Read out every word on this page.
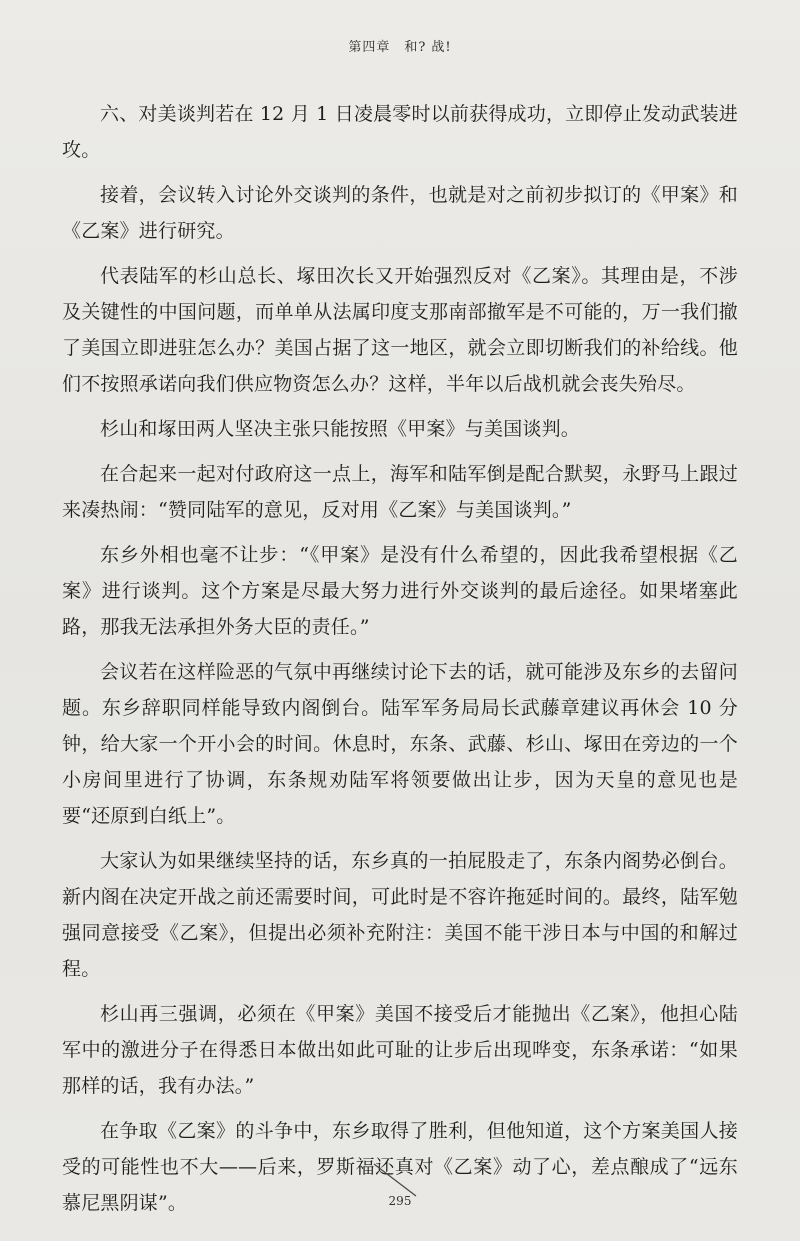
第四章　和? 战!

六、对美谈判若在 12 月 1 日凌晨零时以前获得成功，立即停止发动武装进攻。

接着，会议转入讨论外交谈判的条件，也就是对之前初步拟订的《甲案》和《乙案》进行研究。

代表陆军的杉山总长、塚田次长又开始强烈反对《乙案》。其理由是，不涉及关键性的中国问题，而单单从法属印度支那南部撤军是不可能的，万一我们撤了美国立即进驻怎么办？美国占据了这一地区，就会立即切断我们的补给线。他们不按照承诺向我们供应物资怎么办？这样，半年以后战机就会丧失殆尽。

杉山和塚田两人坚决主张只能按照《甲案》与美国谈判。

在合起来一起对付政府这一点上，海军和陆军倒是配合默契，永野马上跟过来凑热闹：“赞同陆军的意见，反对用《乙案》与美国谈判。”

东乡外相也毫不让步：“《甲案》是没有什么希望的，因此我希望根据《乙案》进行谈判。这个方案是尽最大努力进行外交谈判的最后途径。如果堵塞此路，那我无法承担外务大臣的责任。”

会议若在这样险恶的气氛中再继续讨论下去的话，就可能涉及东乡的去留问题。东乡辞职同样能导致内阁倒台。陆军军务局局长武藤章建议再休会 10 分钟，给大家一个开小会的时间。休息时，东条、武藤、杉山、塚田在旁边的一个小房间里进行了协调，东条规劝陆军将领要做出让步，因为天皇的意见也是要“还原到白纸上”。

大家认为如果继续坚持的话，东乡真的一拍屁股走了，东条内阁势必倒台。新内阁在决定开战之前还需要时间，可此时是不容许拖延时间的。最终，陆军勉强同意接受《乙案》，但提出必须补充附注：美国不能干涉日本与中国的和解过程。

杉山再三强调，必须在《甲案》美国不接受后才能抛出《乙案》，他担心陆军中的激进分子在得悉日本做出如此可耻的让步后出现哗变，东条承诺：“如果那样的话，我有办法。”

在争取《乙案》的斗争中，东乡取得了胜利，但他知道，这个方案美国人接受的可能性也不大——后来，罗斯福还真对《乙案》动了心，差点酿成了“远东慕尼黑阴谋”。	295
